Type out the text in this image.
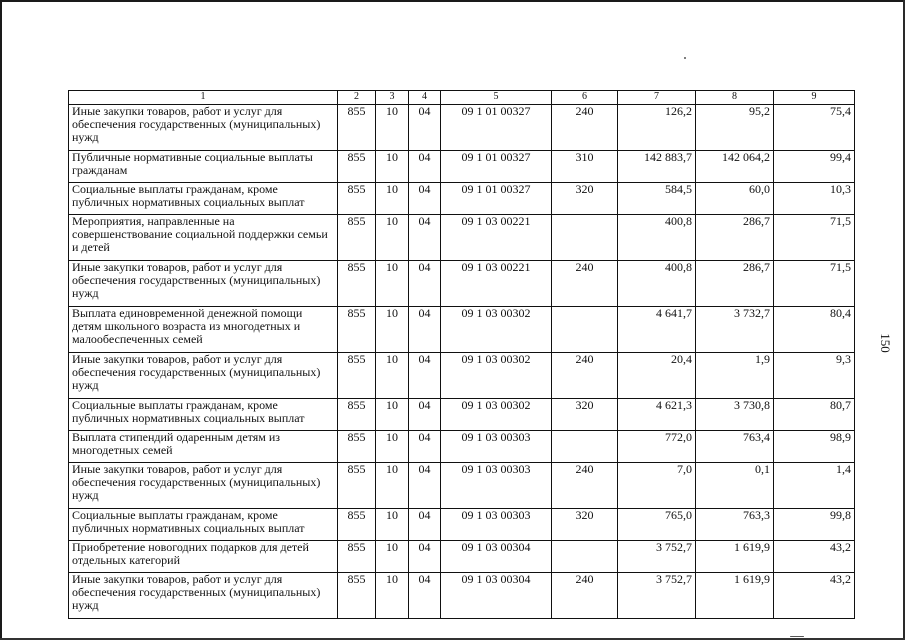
150
1	2	3	4	5	6	7	8	9
Иные закупки товаров, работ и услуг для обеспечения государственных (муниципальных) нужд	855	10	04	09 1 01 00327	240	126,2	95,2	75,4
Публичные нормативные социальные выплаты гражданам	855	10	04	09 1 01 00327	310	142 883,7	142 064,2	99,4
Социальные выплаты гражданам, кроме публичных нормативных социальных выплат	855	10	04	09 1 01 00327	320	584,5	60,0	10,3
Мероприятия, направленные на совершенствование социальной поддержки семьи и детей	855	10	04	09 1 03 00221		400,8	286,7	71,5
Иные закупки товаров, работ и услуг для обеспечения государственных (муниципальных) нужд	855	10	04	09 1 03 00221	240	400,8	286,7	71,5
Выплата единовременной денежной помощи детям школьного возраста из многодетных и малообеспеченных семей	855	10	04	09 1 03 00302		4 641,7	3 732,7	80,4
Иные закупки товаров, работ и услуг для обеспечения государственных (муниципальных) нужд	855	10	04	09 1 03 00302	240	20,4	1,9	9,3
Социальные выплаты гражданам, кроме публичных нормативных социальных выплат	855	10	04	09 1 03 00302	320	4 621,3	3 730,8	80,7
Выплата стипендий одаренным детям из многодетных семей	855	10	04	09 1 03 00303		772,0	763,4	98,9
Иные закупки товаров, работ и услуг для обеспечения государственных (муниципальных) нужд	855	10	04	09 1 03 00303	240	7,0	0,1	1,4
Социальные выплаты гражданам, кроме публичных нормативных социальных выплат	855	10	04	09 1 03 00303	320	765,0	763,3	99,8
Приобретение новогодних подарков для детей отдельных категорий	855	10	04	09 1 03 00304		3 752,7	1 619,9	43,2
Иные закупки товаров, работ и услуг для обеспечения государственных (муниципальных) нужд	855	10	04	09 1 03 00304	240	3 752,7	1 619,9	43,2
